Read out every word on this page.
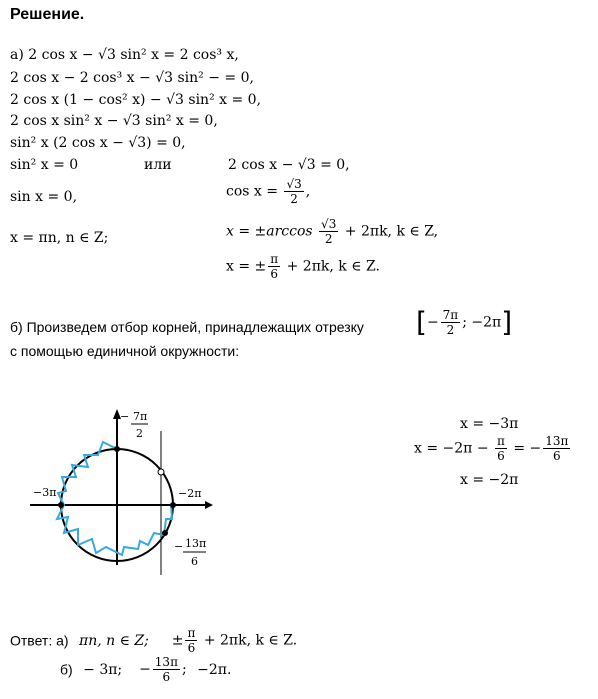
Решение.
а) 2 cos x − √3 sin² x = 2 cos³ x,
2 cos x − 2 cos³ x − √3 sin² − = 0,
2 cos x (1 − cos² x) − √3 sin² x = 0,
2 cos x sin² x − √3 sin² x = 0,
sin² x (2 cos x − √3) = 0,
sin² x = 0	или	2 cos x − √3 = 0,
sin x = 0,	$\cos x = \frac{√3}{2}$ ,
x = πn, n ∈ Z;	$x = \pm\arccos \frac{√3}{2} + 2\pi k$, k ∈ Z,
x = ± $\frac{\pi}{6} + 2\pi k$, k ∈ Z.
б) Произведем отбор корней, принадлежащих отрезку [− $\frac{7\pi}{2}$ ; −2π]
с помощью единичной окружности:
− 7π
2
−3π	−2π
− 13π
6
x = −3π
$x = -2\pi - \frac{\pi}{6}$ = − $\frac{13\pi}{6}$
x = −2π
Ответ: а) πn, n ∈ Z; ± $\frac{\pi}{6} + 2\pi k$, k ∈ Z.
б) − 3π; − $\frac{13\pi}{6}$ ; −2π.
